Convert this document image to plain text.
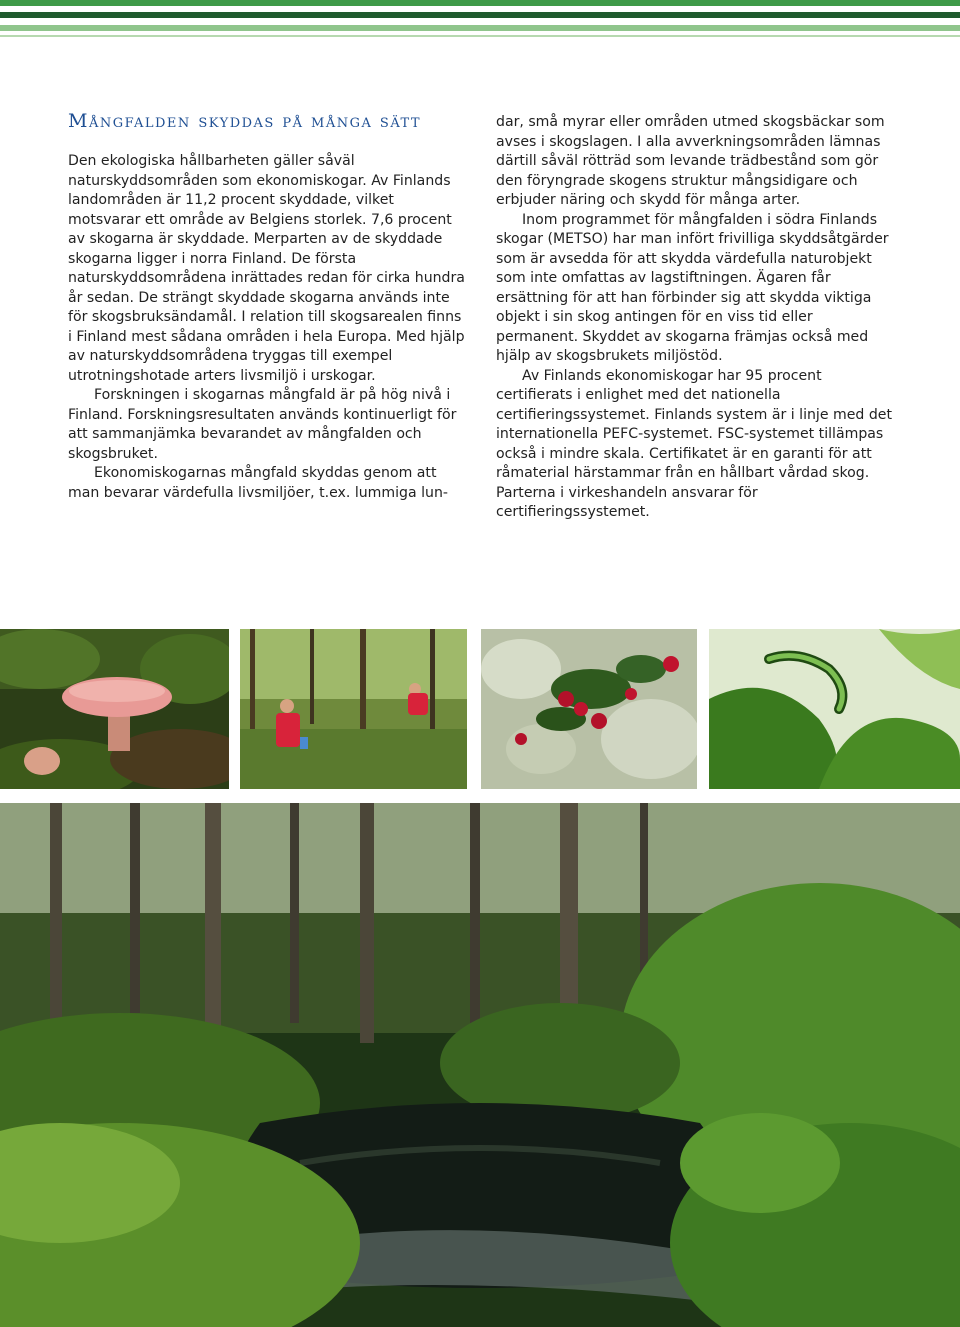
Mångfalden skyddas på många sätt

Den ekologiska hållbarheten gäller såväl naturskyddsområden som ekonomiskogar. Av Finlands landområden är 11,2 procent skyddade, vilket motsvarar ett område av Belgiens storlek. 7,6 procent av skogarna är skyddade. Merparten av de skyddade skogarna ligger i norra Finland. De första naturskyddsområdena inrättades redan för cirka hundra år sedan. De strängt skyddade skogarna används inte för skogsbruksändamål. I relation till skogsarealen finns i Finland mest sådana områden i hela Europa. Med hjälp av naturskyddsområdena tryggas till exempel utrotningshotade arters livsmiljö i urskogar.

Forskningen i skogarnas mångfald är på hög nivå i Finland. Forskningsresultaten används kontinuerligt för att sammanjämka bevarandet av mångfalden och skogsbruket.

Ekonomiskogarnas mångfald skyddas genom att man bevarar värdefulla livsmiljöer, t.ex. lummiga lun-

dar, små myrar eller områden utmed skogsbäckar som avses i skogslagen. I alla avverkningsområden lämnas därtill såväl rötträd som levande trädbestånd som gör den föryngrade skogens struktur mångsidigare och erbjuder näring och skydd för många arter.

Inom programmet för mångfalden i södra Finlands skogar (METSO) har man infört frivilliga skyddsåtgärder som är avsedda för att skydda värdefulla naturobjekt som inte omfattas av lagstiftningen. Ägaren får ersättning för att han förbinder sig att skydda viktiga objekt i sin skog antingen för en viss tid eller permanent. Skyddet av skogarna främjas också med hjälp av skogsbrukets miljöstöd.

Av Finlands ekonomiskogar har 95 procent certifierats i enlighet med det nationella certifieringssystemet. Finlands system är i linje med det internationella PEFC-systemet. FSC-systemet tillämpas också i mindre skala. Certifikatet är en garanti för att råmaterial härstammar från en hållbart vårdad skog. Parterna i virkeshandeln ansvarar för certifieringssystemet.
